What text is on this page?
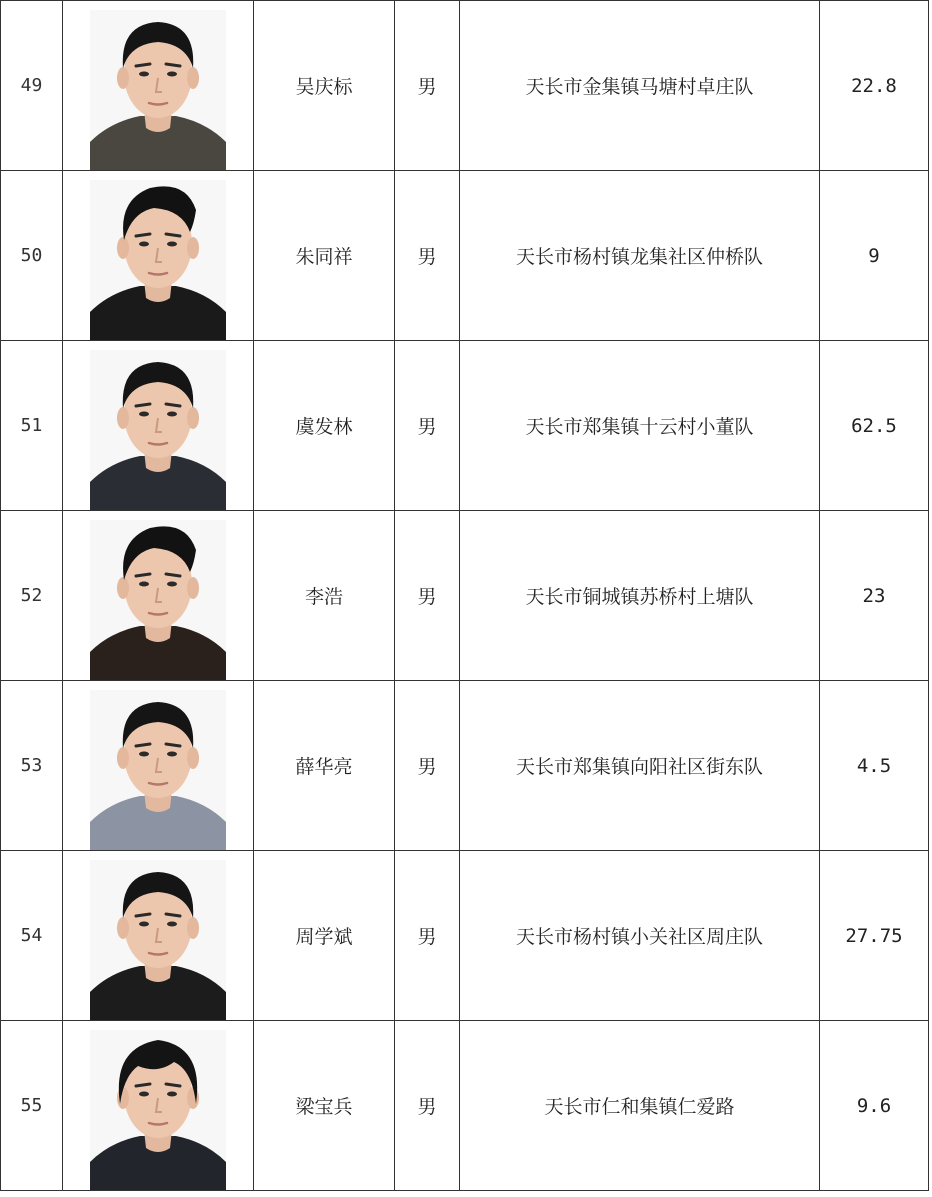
49		吴庆标	男	天长市金集镇马塘村卓庄队	22.8
50		朱同祥	男	天长市杨村镇龙集社区仲桥队	9
51		虞发林	男	天长市郑集镇十云村小董队	62.5
52		李浩	男	天长市铜城镇苏桥村上塘队	23
53		薛华亮	男	天长市郑集镇向阳社区街东队	4.5
54		周学斌	男	天长市杨村镇小关社区周庄队	27.75
55		梁宝兵	男	天长市仁和集镇仁爱路	9.6
